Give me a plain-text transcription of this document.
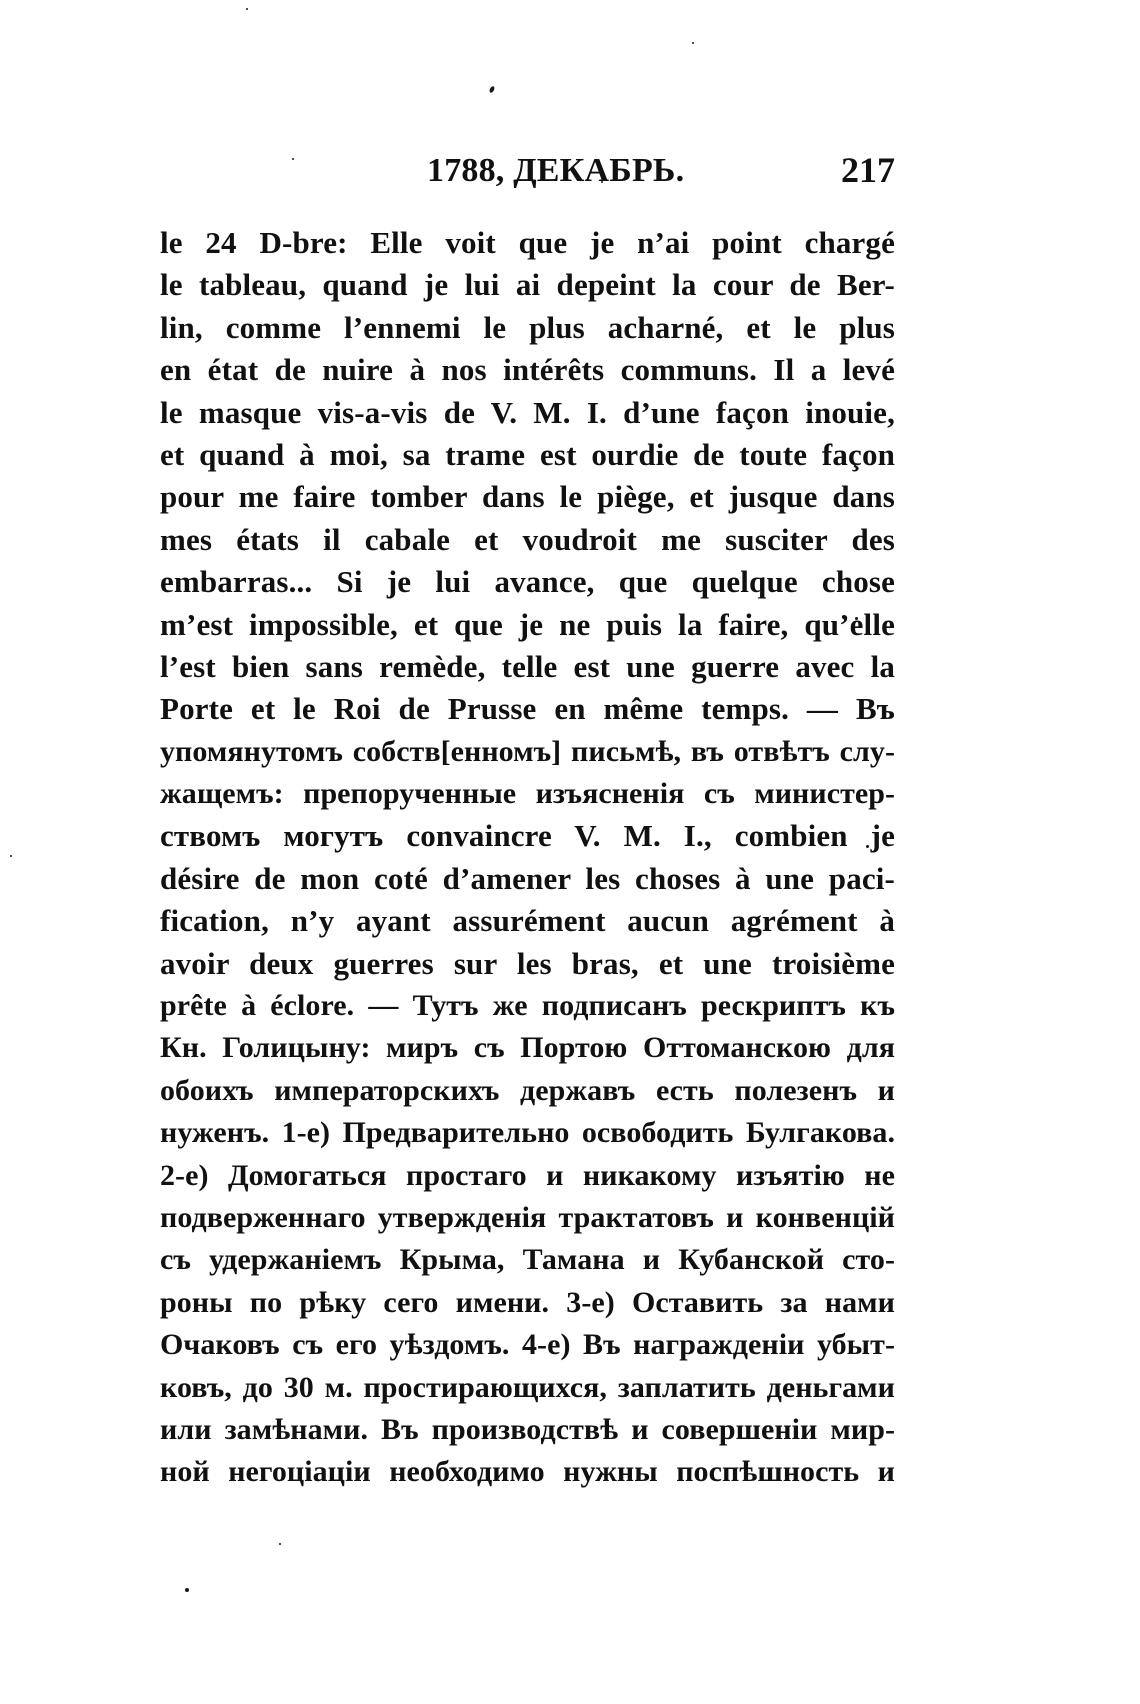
1788, ДЕКАБРЬ.	217
le 24 D-bre: Elle voit que je n’ai point chargé
le tableau, quand je lui ai depeint la cour de Ber-
lin, comme l’ennemi le plus acharné, et le plus
en état de nuire à nos intérêts communs. Il a levé
le masque vis-a-vis de V. M. I. d’une façon inouie,
et quand à moi, sa trame est ourdie de toute façon
pour me faire tomber dans le piège, et jusque dans
mes états il cabale et voudroit me susciter des
embarras... Si je lui avance, que quelque chose
m’est impossible, et que je ne puis la faire, qu’elle
l’est bien sans remède, telle est une guerre avec la
Porte et le Roi de Prusse en même temps. — Въ
упомянутомъ собств[енномъ] письмѣ, въ отвѣтъ слу-
жащемъ: препорученные изъясненія съ министер-
ствомъ могутъ convaincre V. M. I., combien je
désire de mon coté d’amener les choses à une paci-
fication, n’y ayant assurément aucun agrément à
avoir deux guerres sur les bras, et une troisième
prête à éclore. — Тутъ же подписанъ рескриптъ къ
Кн. Голицыну: миръ съ Портою Оттоманскою для
обоихъ императорскихъ державъ есть полезенъ и
нуженъ. 1-е) Предварительно освободить Булгакова.
2-е) Домогаться простаго и никакому изъятію не
подверженнаго утвержденія трактатовъ и конвенцій
съ удержаніемъ Крыма, Тамана и Кубанской сто-
роны по рѣку сего имени. 3-е) Оставить за нами
Очаковъ съ его уѣздомъ. 4-е) Въ награжденіи убыт-
ковъ, до 30 м. простирающихся, заплатить деньгами
или замѣнами. Въ производствѣ и совершеніи мир-
ной негоціаціи необходимо нужны поспѣшность и
